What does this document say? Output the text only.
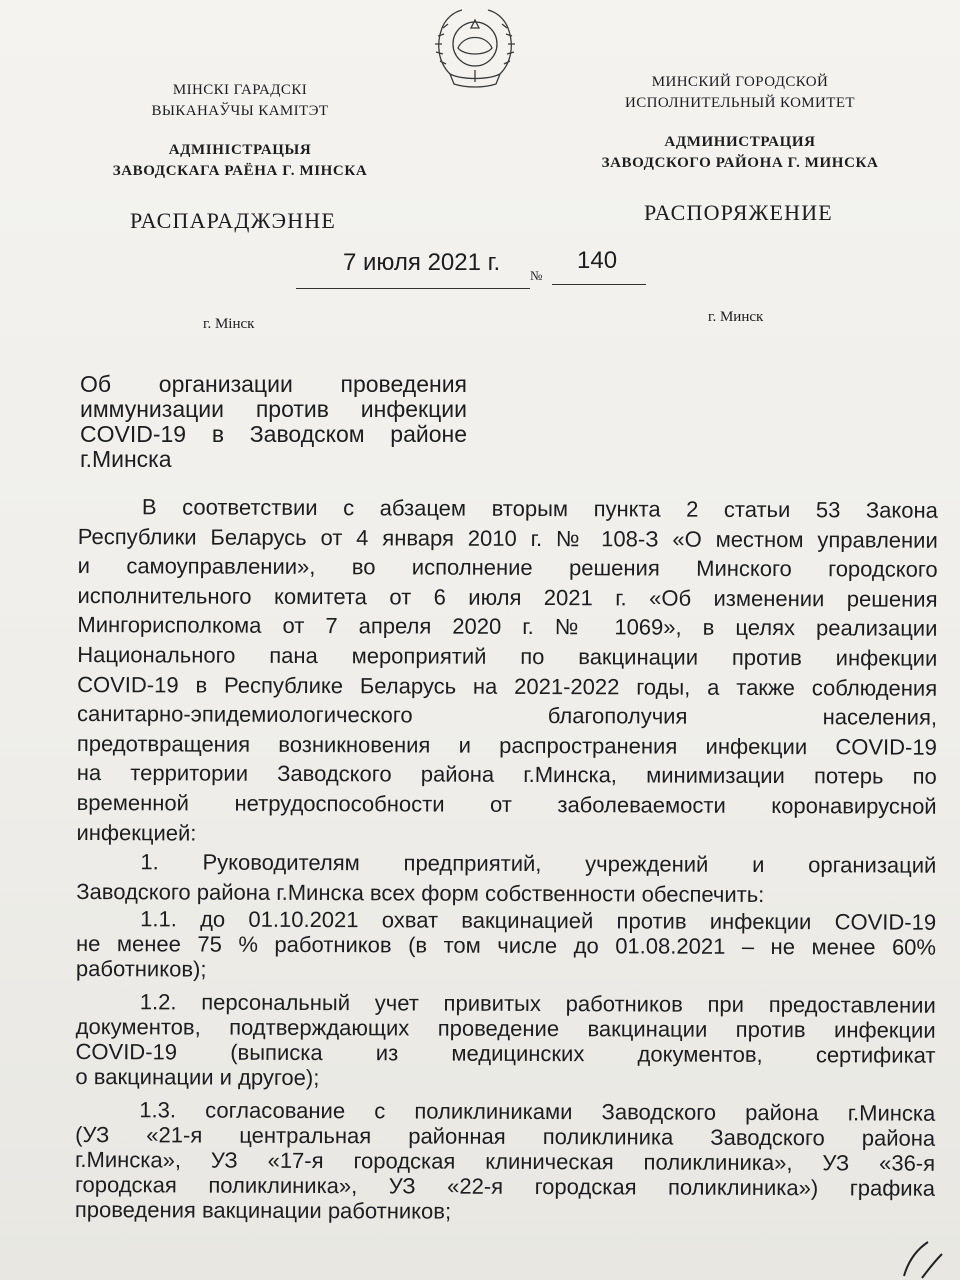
МІНСКІ ГАРАДСКІ
ВЫКАНАЎЧЫ КАМІТЭТ
АДМІНІСТРАЦЫЯ
ЗАВОДСКАГА РАЁНА Г. МІНСКА
МИНСКИЙ ГОРОДСКОЙ
ИСПОЛНИТЕЛЬНЫЙ КОМИТЕТ
АДМИНИСТРАЦИЯ
ЗАВОДСКОГО РАЙОНА Г. МИНСКА
РАСПАРАДЖЭННЕ	РАСПОРЯЖЕНИЕ
7 июля 2021 г. №
140
г. Мінск	г. Минск
Об организации проведения
иммунизации против инфекции
COVID-19 в Заводском районе
г.Минска
В соответствии с абзацем вторым пункта 2 статьи 53 Закона
Республики Беларусь от 4 января 2010 г. № 108-З «О местном управлении
и самоуправлении», во исполнение решения Минского городского
исполнительного комитета от 6 июля 2021 г. «Об изменении решения
Мингорисполкома от 7 апреля 2020 г. № 1069», в целях реализации
Национального пана мероприятий по вакцинации против инфекции
COVID-19 в Республике Беларусь на 2021-2022 годы, а также соблюдения
санитарно-эпидемиологического благополучия населения,
предотвращения возникновения и распространения инфекции COVID-19
на территории Заводского района г.Минска, минимизации потерь по
временной нетрудоспособности от заболеваемости коронавирусной
инфекцией:
1. Руководителям предприятий, учреждений и организаций
Заводского района г.Минска всех форм собственности обеспечить:
1.1. до 01.10.2021 охват вакцинацией против инфекции COVID-19
не менее 75 % работников (в том числе до 01.08.2021 – не менее 60%
работников);
1.2. персональный учет привитых работников при предоставлении
документов, подтверждающих проведение вакцинации против инфекции
COVID-19 (выписка из медицинских документов, сертификат
о вакцинации и другое);
1.3. согласование с поликлиниками Заводского района г.Минска
(УЗ «21-я центральная районная поликлиника Заводского района
г.Минска», УЗ «17-я городская клиническая поликлиника», УЗ «36-я
городская поликлиника», УЗ «22-я городская поликлиника») графика
проведения вакцинации работников;
